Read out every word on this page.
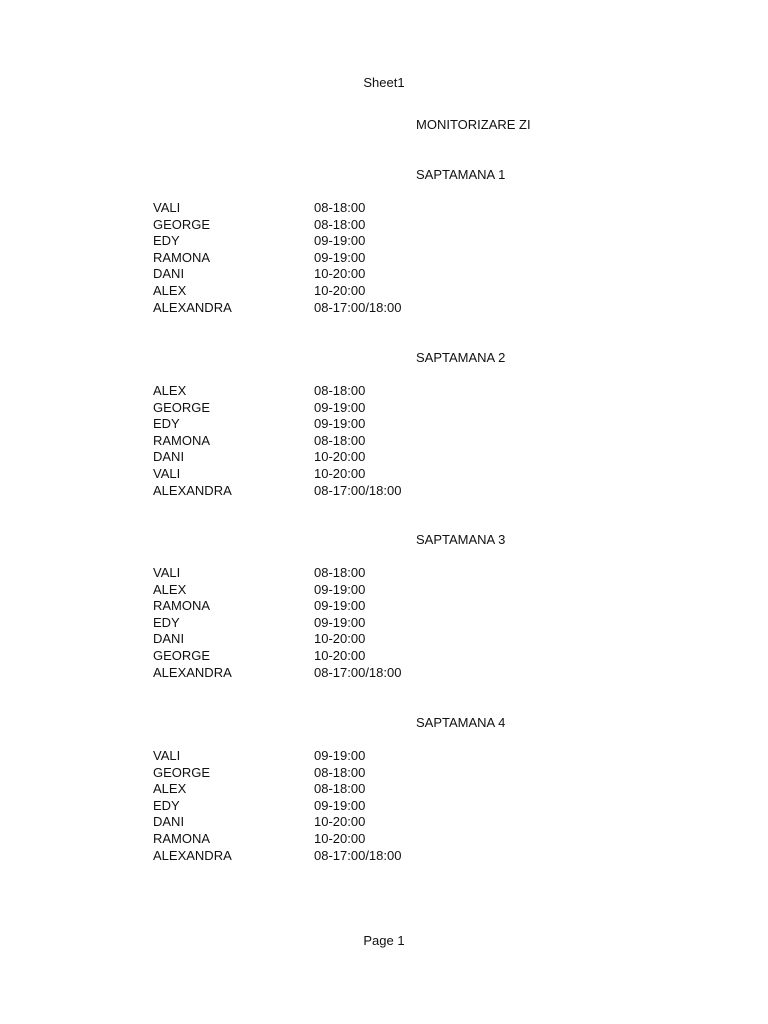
Sheet1
MONITORIZARE ZI
SAPTAMANA 1
VALI	08-18:00
GEORGE	08-18:00
EDY	09-19:00
RAMONA	09-19:00
DANI	10-20:00
ALEX	10-20:00
ALEXANDRA	08-17:00/18:00
SAPTAMANA 2
ALEX	08-18:00
GEORGE	09-19:00
EDY	09-19:00
RAMONA	08-18:00
DANI	10-20:00
VALI	10-20:00
ALEXANDRA	08-17:00/18:00
SAPTAMANA 3
VALI	08-18:00
ALEX	09-19:00
RAMONA	09-19:00
EDY	09-19:00
DANI	10-20:00
GEORGE	10-20:00
ALEXANDRA	08-17:00/18:00
SAPTAMANA 4
VALI	09-19:00
GEORGE	08-18:00
ALEX	08-18:00
EDY	09-19:00
DANI	10-20:00
RAMONA	10-20:00
ALEXANDRA	08-17:00/18:00
Page 1
